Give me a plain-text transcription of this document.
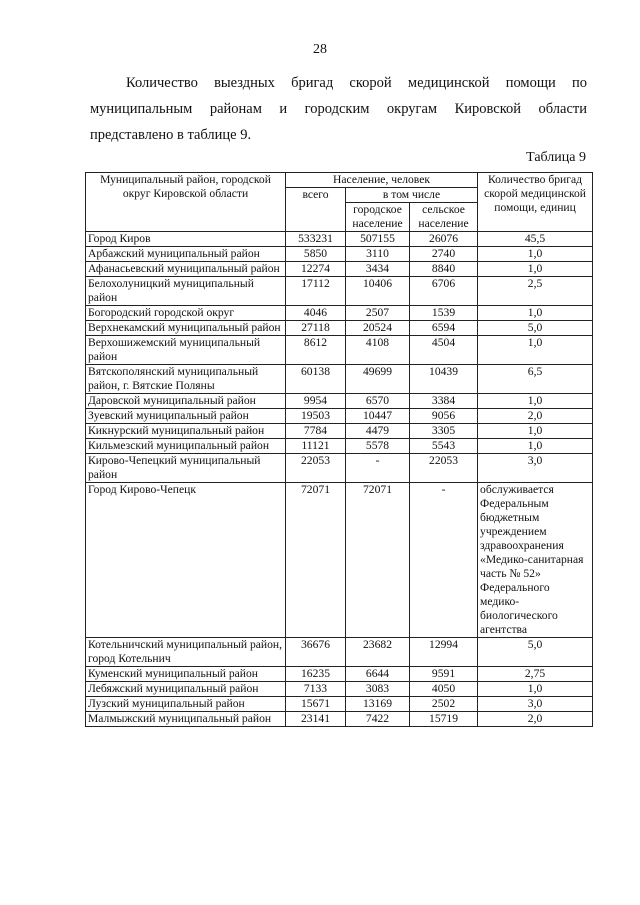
28

Количество выездных бригад скорой медицинской помощи по муниципальным районам и городским округам Кировской области представлено в таблице 9.

Таблица 9
Муниципальный район, городской округ Кировской области	Население, человек			Количество бригад скорой медицинской помощи, единиц
	всего	в том числе		
		городское население	сельское население	
Город Киров	533231	507155	26076	45,5
Арбажский муниципальный район	5850	3110	2740	1,0
Афанасьевский муниципальный район	12274	3434	8840	1,0
Белохолуницкий муниципальный район	17112	10406	6706	2,5
Богородский городской округ	4046	2507	1539	1,0
Верхнекамский муниципальный район	27118	20524	6594	5,0
Верхошижемский муниципальный район	8612	4108	4504	1,0
Вятскополянский муниципальный район, г. Вятские Поляны	60138	49699	10439	6,5
Даровской муниципальный район	9954	6570	3384	1,0
Зуевский муниципальный район	19503	10447	9056	2,0
Кикнурский муниципальный район	7784	4479	3305	1,0
Кильмезский муниципальный район	11121	5578	5543	1,0
Кирово-Чепецкий муниципальный район	22053	-	22053	3,0
Город Кирово-Чепецк	72071	72071	-	обслуживается Федеральным бюджетным учреждением здравоохранения «Медико-санитарная часть № 52» Федерального медико-биологического агентства
Котельничский муниципальный район, город Котельнич	36676	23682	12994	5,0
Куменский муниципальный район	16235	6644	9591	2,75
Лебяжский муниципальный район	7133	3083	4050	1,0
Лузский муниципальный район	15671	13169	2502	3,0
Малмыжский муниципальный район	23141	7422	15719	2,0
